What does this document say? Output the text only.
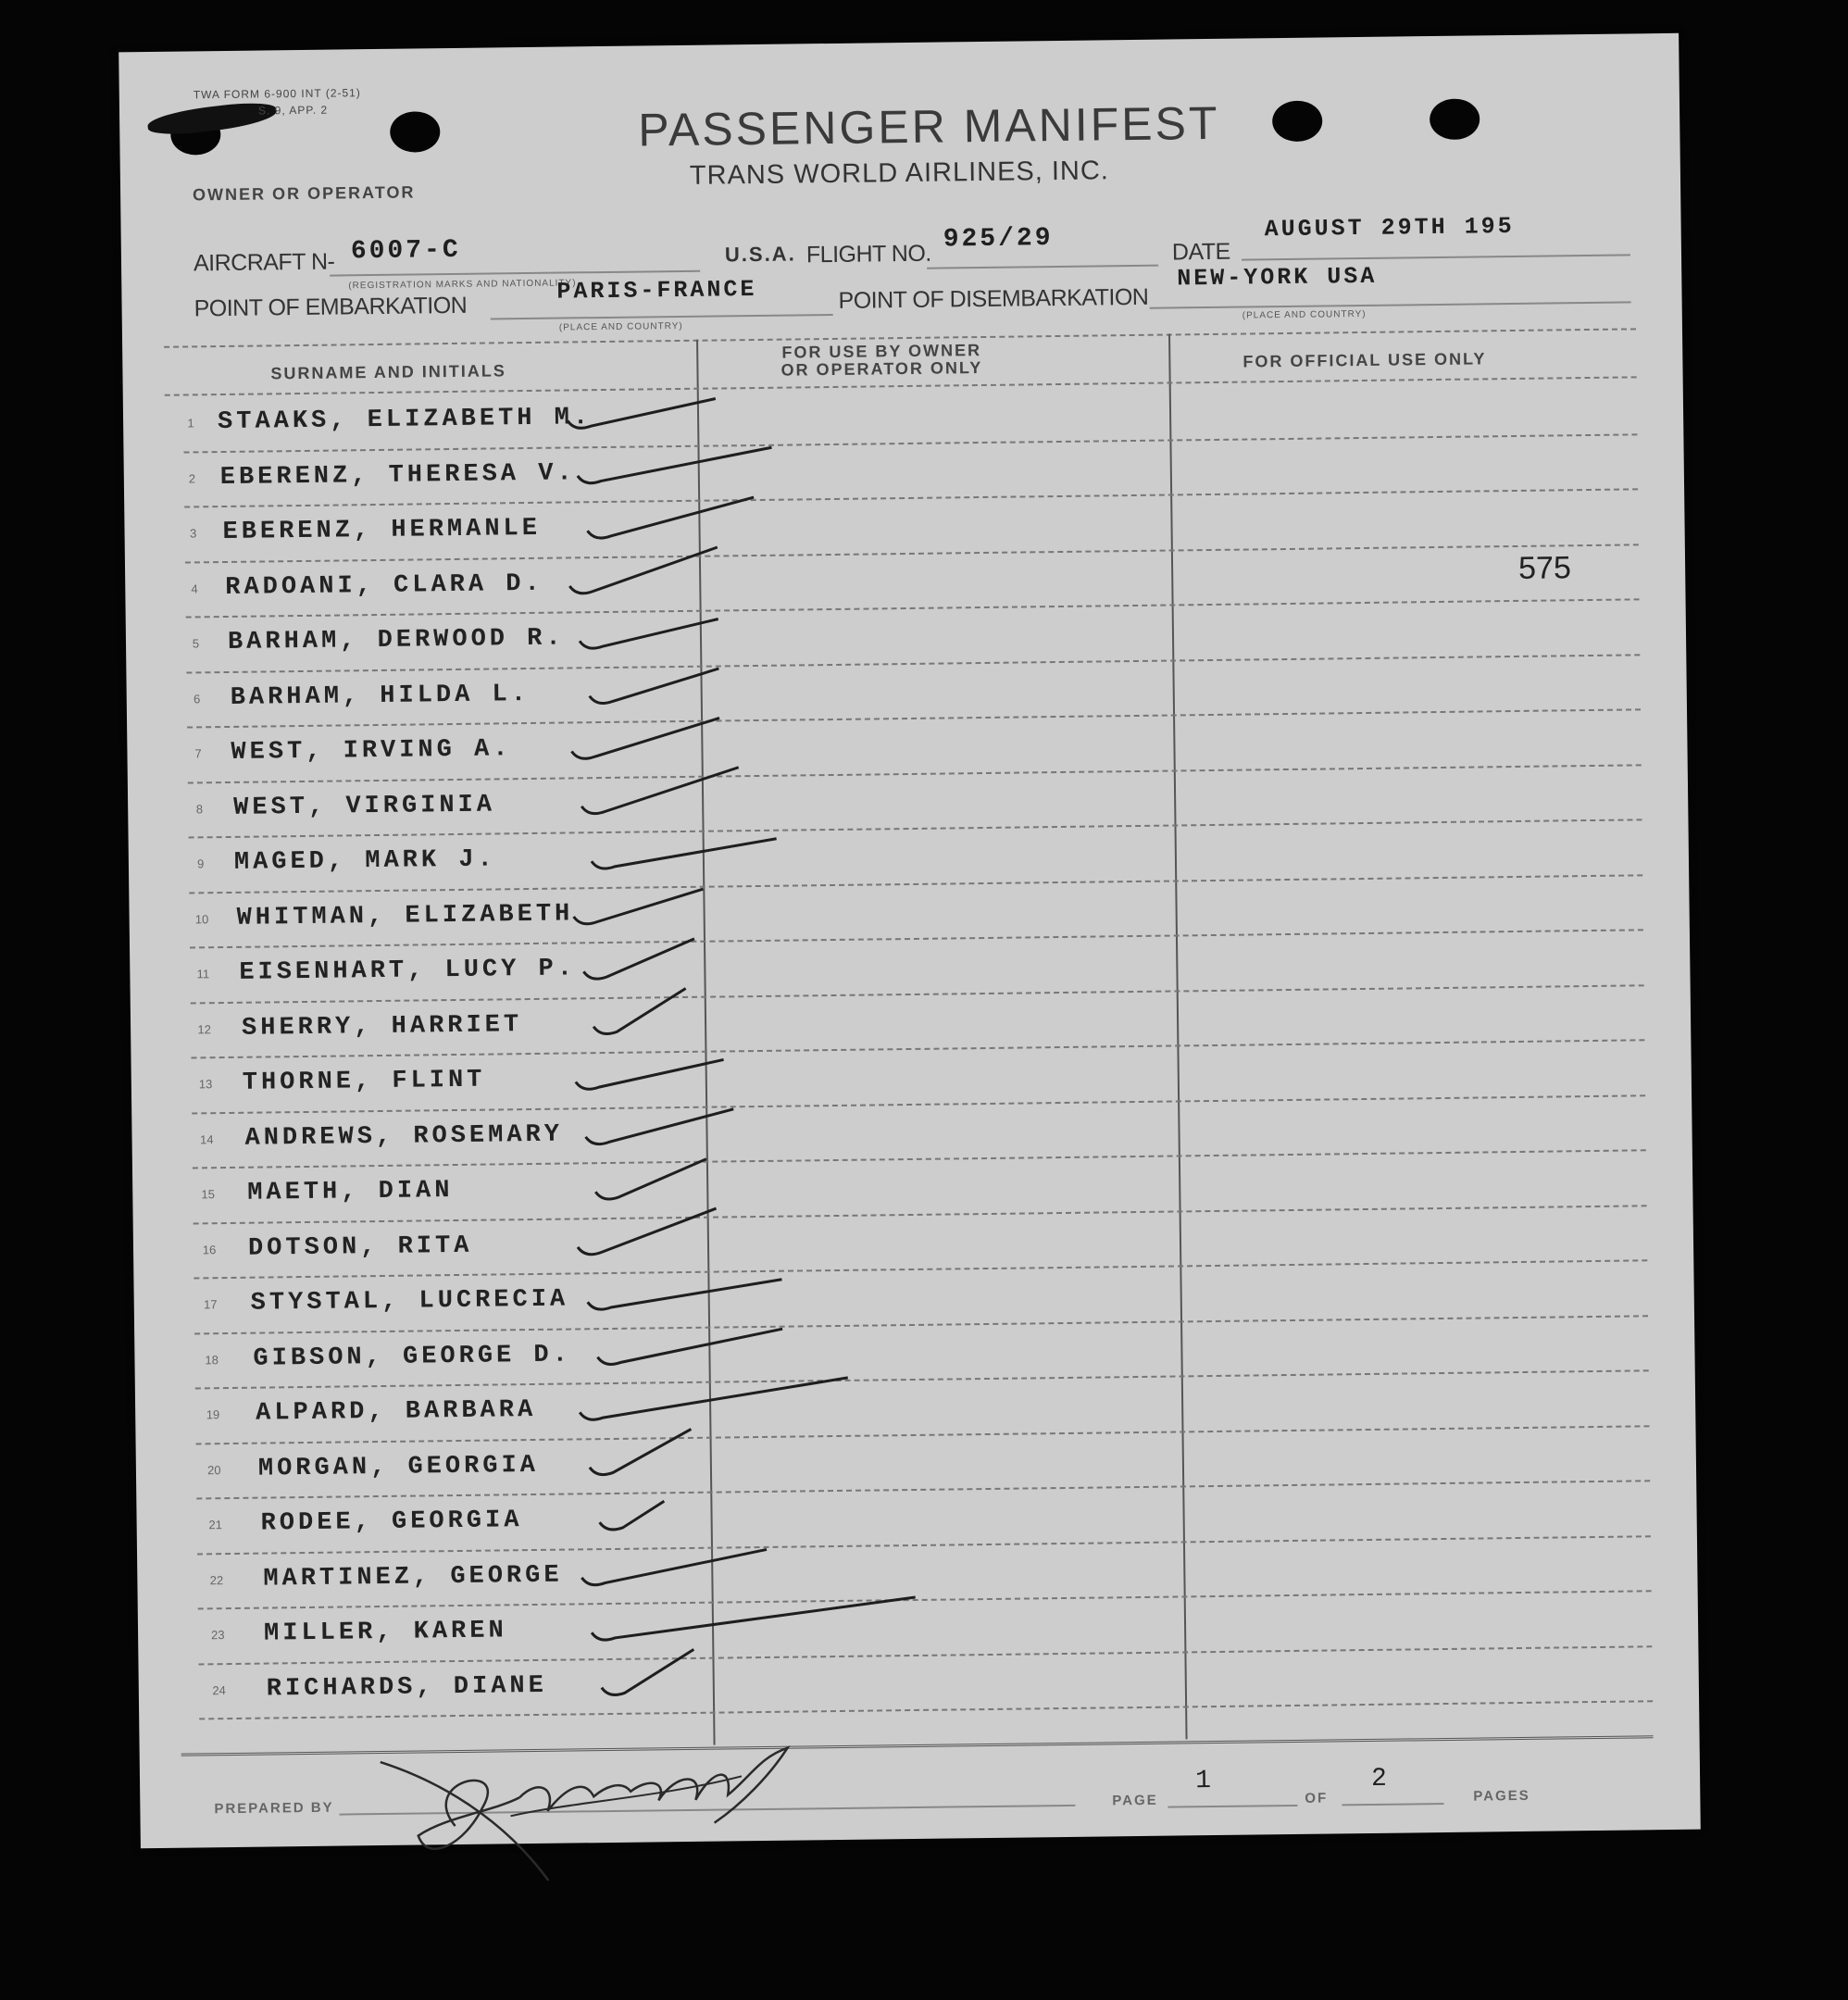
TWA FORM 6-900 INT (2-51)
S. 9, APP. 2
OWNER OR OPERATOR
PASSENGER MANIFEST
TRANS WORLD AIRLINES, INC.
AIRCRAFT N- 6007-C
(REGISTRATION MARKS AND NATIONALITY)
U.S.A. FLIGHT NO. 925/29	DATE
AUGUST 29TH 195
POINT OF EMBARKATION
PARIS-FRANCE
(PLACE AND COUNTRY)
POINT OF DISEMBARKATION
NEW-YORK USA
(PLACE AND COUNTRY)
SURNAME AND INITIALS
FOR USE BY OWNER
OR OPERATOR ONLY	FOR OFFICIAL USE ONLY
1 STAAKS, ELIZABETH M.
2 EBERENZ, THERESA V.
3	EBERENZ, HERMANLE
4	RADOANI, CLARA D.	575
5	BARHAM, DERWOOD R.
6	BARHAM, HILDA L.
7	WEST, IRVING A.
8	WEST, VIRGINIA
9	MAGED, MARK J.
10 WHITMAN, ELIZABETH
11	EISENHART, LUCY P.
12 SHERRY, HARRIET
13 THORNE, FLINT
14 ANDREWS, ROSEMARY
15 MAETH, DIAN
16 DOTSON, RITA
17 STYSTAL, LUCRECIA
18 GIBSON, GEORGE D.
19 ALPARD, BARBARA
20 MORGAN, GEORGIA
21 RODEE, GEORGIA
22 MARTINEZ, GEORGE
23 MILLER, KAREN
24 RICHARDS, DIANE
PREPARED BY	PAGE
1
OF
2
PAGES
